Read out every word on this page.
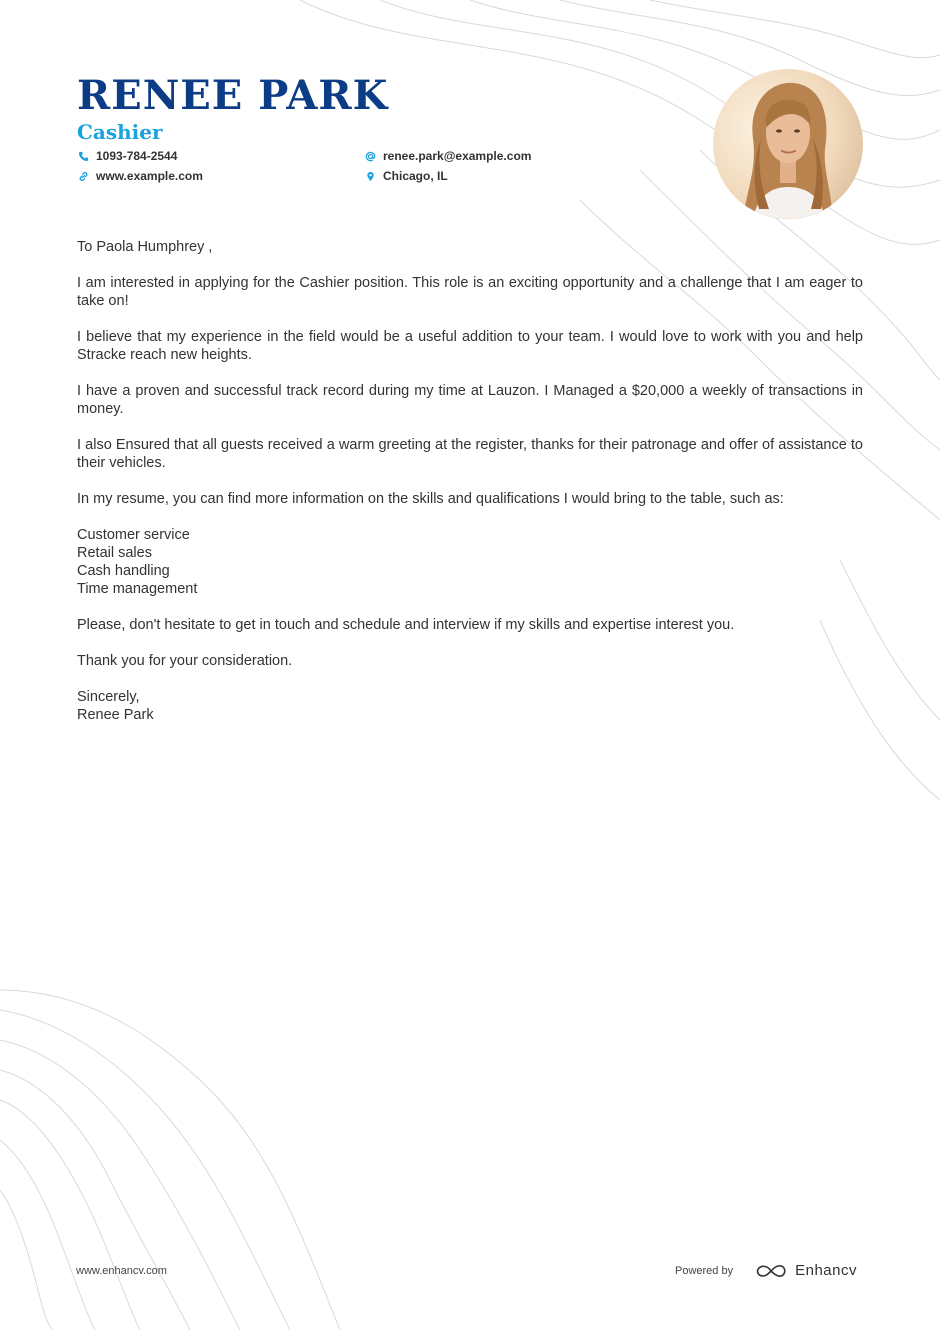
RENEE PARK
Cashier
1093-784-2544	renee.park@example.com
www.example.com	Chicago, IL

To Paola Humphrey ,

I am interested in applying for the Cashier position. This role is an exciting opportunity and a challenge that I am eager to take on!

I believe that my experience in the field would be a useful addition to your team. I would love to work with you and help Stracke reach new heights.

I have a proven and successful track record during my time at Lauzon. I Managed a $20,000 a weekly of transactions in money.

I also Ensured that all guests received a warm greeting at the register, thanks for their patronage and offer of assistance to their vehicles.

In my resume, you can find more information on the skills and qualifications I would bring to the table, such as:

Customer service
Retail sales
Cash handling
Time management

Please, don't hesitate to get in touch and schedule and interview if my skills and expertise interest you.

Thank you for your consideration.

Sincerely,
Renee Park
www.enhancv.com	Powered by	Enhancv
